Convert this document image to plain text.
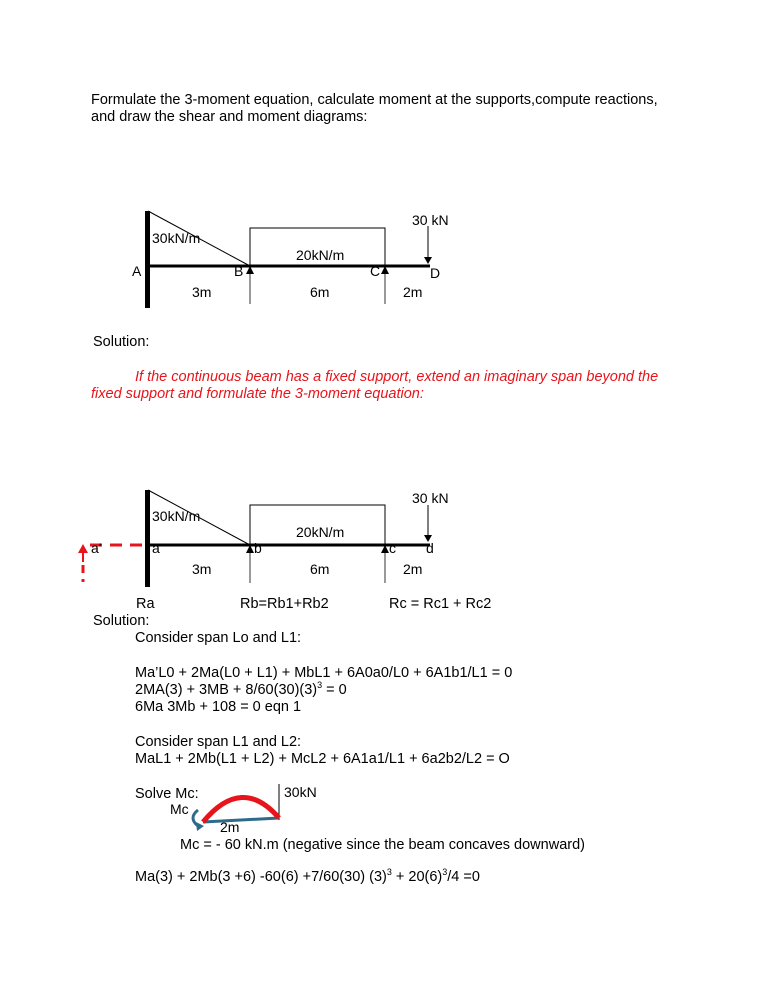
Formulate the 3-moment equation, calculate moment at the supports,compute reactions,
and draw the shear and moment diagrams:
30kN/m
20kN/m
30 kN
A	B	C	D
3m	6m	2m
Solution:
If the continuous beam has a fixed support, extend an imaginary span beyond the
fixed support and formulate the 3-moment equation:
30kN/m
20kN/m
30 kN
a'	a	b	c d
3m	6m	2m
Ra	Rb=Rb1+Rb2	Rc = Rc1 + Rc2
Solution:
Consider span Lo and L1:
Ma’L0 + 2Ma(L0 + L1) + MbL1 + 6A0a0/L0 + 6A1b1/L1 = 0
$2MA(3) + 3MB + 8/60(30)(3)^3 = 0$
6Ma 3Mb + 108 = 0 eqn 1
Consider span L1 and L2:
MaL1 + 2Mb(L1 + L2) + McL2 + 6A1a1/L1 + 6a2b2/L2 = O
Solve Mc:	30kN
Mc
2m
Mc = - 60 kN.m (negative since the beam concaves downward)
Ma(3) + 2Mb(3 +6) -60(6) +7/60(30) $(3)^3 + 20(6)^3/4 =0$
